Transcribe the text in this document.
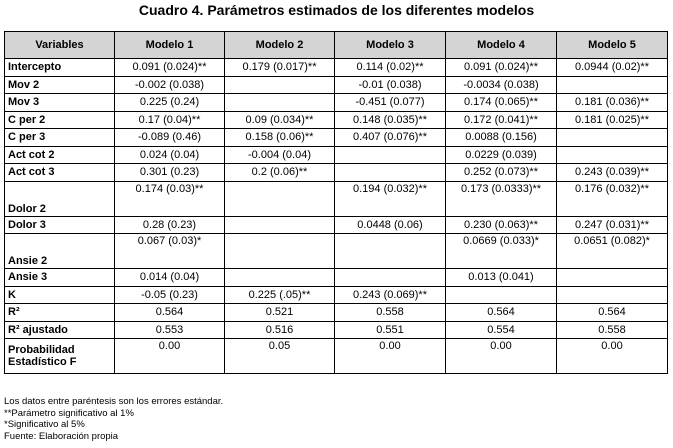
Cuadro 4. Parámetros estimados de los diferentes modelos
Variables	Modelo 1	Modelo 2	Modelo 3	Modelo 4	Modelo 5
Intercepto	0.091 (0.024)**	0.179 (0.017)**	0.114 (0.02)**	0.091 (0.024)**	0.0944 (0.02)**
Mov 2	-0.002 (0.038)		-0.01 (0.038)	-0.0034 (0.038)	
Mov 3	0.225 (0.24)		-0.451 (0.077)	0.174 (0.065)**	0.181 (0.036)**
C per 2	0.17 (0.04)**	0.09 (0.034)**	0.148 (0.035)**	0.172 (0.041)**	0.181 (0.025)**
C per 3	-0.089 (0.46)	0.158 (0.06)**	0.407 (0.076)**	0.0088 (0.156)	
Act cot 2	0.024 (0.04)	-0.004 (0.04)		0.0229 (0.039)	
Act cot 3	0.301 (0.23)	0.2 (0.06)**		0.252 (0.073)**	0.243 (0.039)**
Dolor 2	0.174 (0.03)**		0.194 (0.032)**	0.173 (0.0333)**	0.176 (0.032)**
Dolor 3	0.28 (0.23)		0.0448 (0.06)	0.230 (0.063)**	0.247 (0.031)**
Ansie 2	0.067 (0.03)*			0.0669 (0.033)*	0.0651 (0.082)*
Ansie 3	0.014 (0.04)			0.013 (0.041)	
K	-0.05 (0.23)	0.225 (.05)**	0.243 (0.069)**		
R²	0.564	0.521	0.558	0.564	0.564
R² ajustado	0.553	0.516	0.551	0.554	0.558
Probabilidad Estadístico F	0.00	0.05	0.00	0.00	0.00
Los datos entre paréntesis son los errores estándar.
**Parámetro significativo al 1%
*Significativo al 5%
Fuente: Elaboración propia
